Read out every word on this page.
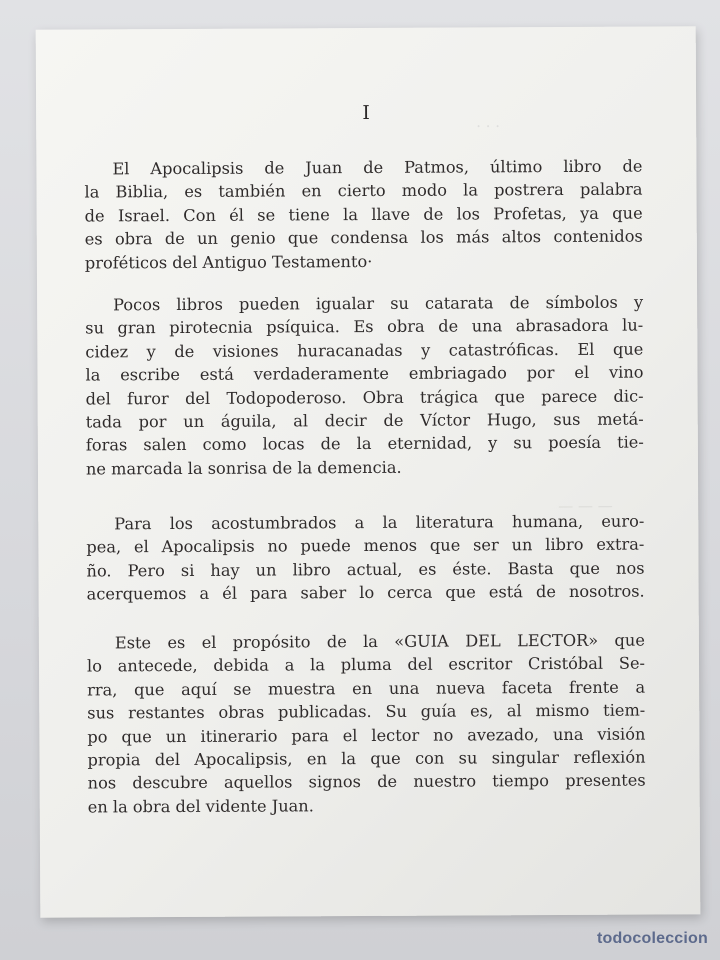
· · ·
— — —
I

El Apocalipsis de Juan de Patmos, último libro de
la Biblia, es también en cierto modo la postrera palabra
de Israel. Con él se tiene la llave de los Profetas, ya que
es obra de un genio que condensa los más altos contenidos
proféticos del Antiguo Testamento·

Pocos libros pueden igualar su catarata de símbolos y
su gran pirotecnia psíquica. Es obra de una abrasadora lu-
cidez y de visiones huracanadas y catastróficas. El que
la escribe está verdaderamente embriagado por el vino
del furor del Todopoderoso. Obra trágica que parece dic-
tada por un águila, al decir de Víctor Hugo, sus metá-
foras salen como locas de la eternidad, y su poesía tie-
ne marcada la sonrisa de la demencia.

Para los acostumbrados a la literatura humana, euro-
pea, el Apocalipsis no puede menos que ser un libro extra-
ño. Pero si hay un libro actual, es éste. Basta que nos
acerquemos a él para saber lo cerca que está de nosotros.

Este es el propósito de la «GUIA DEL LECTOR» que
lo antecede, debida a la pluma del escritor Cristóbal Se-
rra, que aquí se muestra en una nueva faceta frente a
sus restantes obras publicadas. Su guía es, al mismo tiem-
po que un itinerario para el lector no avezado, una visión
propia del Apocalipsis, en la que con su singular reflexión
nos descubre aquellos signos de nuestro tiempo presentes
en la obra del vidente Juan.

todocoleccion
